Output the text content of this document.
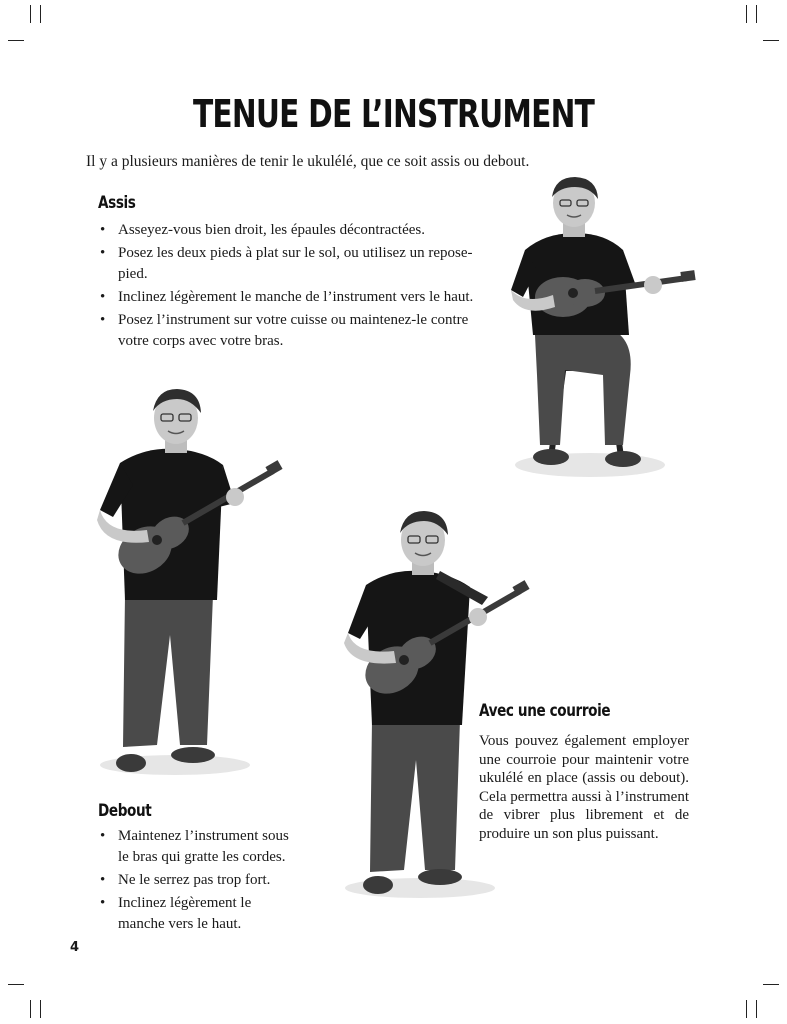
TENUE DE L’INSTRUMENT
Il y a plusieurs manières de tenir le ukulélé, que ce soit assis ou debout.
Assis
• Asseyez-vous bien droit, les épaules décontractées.
• Posez les deux pieds à plat sur le sol, ou utilisez un repose-pied.
• Inclinez légèrement le manche de l’instrument vers le haut.
• Posez l’instrument sur votre cuisse ou maintenez-le contre votre corps avec votre bras.
Avec une courroie
Vous pouvez également employer une courroie pour maintenir votre ukulélé en place (assis ou debout). Cela permettra aussi à l’instrument de vibrer plus librement et de produire un son plus puissant.
Debout
• Maintenez l’instrument sous le bras qui gratte les cordes.
• Ne le serrez pas trop fort.
• Inclinez légèrement le manche vers le haut.
4
